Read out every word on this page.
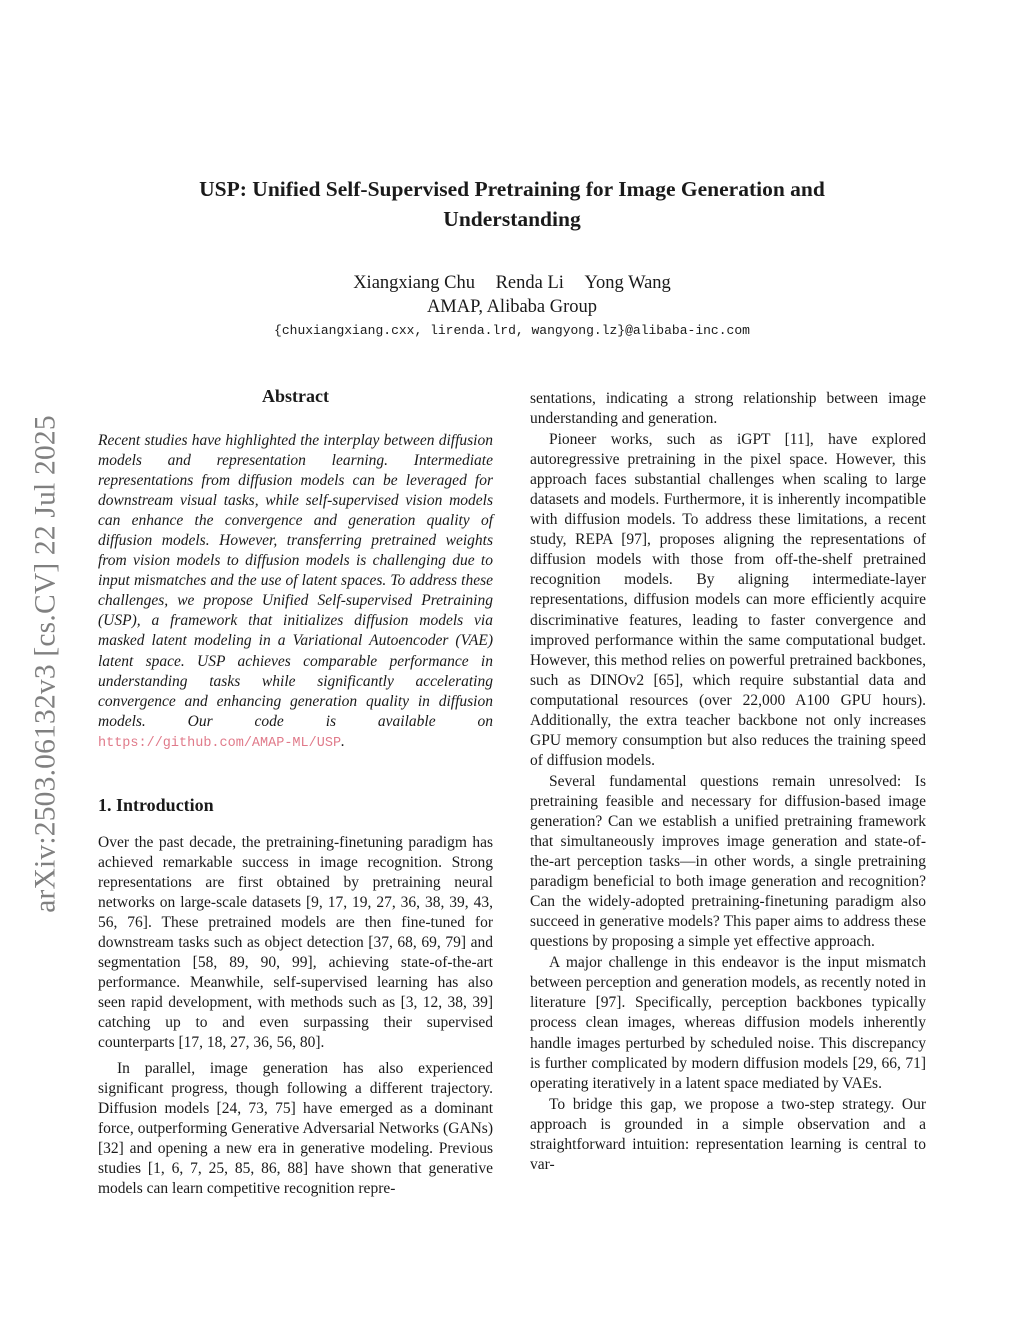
arXiv:2503.06132v3 [cs.CV] 22 Jul 2025
USP: Unified Self-Supervised Pretraining for Image Generation and Understanding
Xiangxiang Chu Renda Li Yong Wang
AMAP, Alibaba Group
{chuxiangxiang.cxx, lirenda.lrd, wangyong.lz}@alibaba-inc.com
Abstract
Recent studies have highlighted the interplay between diffusion models and representation learning. Intermediate representations from diffusion models can be leveraged for downstream visual tasks, while self-supervised vision models can enhance the convergence and generation quality of diffusion models. However, transferring pretrained weights from vision models to diffusion models is challenging due to input mismatches and the use of latent spaces. To address these challenges, we propose Unified Self-supervised Pretraining (USP), a framework that initializes diffusion models via masked latent modeling in a Variational Autoencoder (VAE) latent space. USP achieves comparable performance in understanding tasks while significantly accelerating convergence and enhancing generation quality in diffusion models. Our code is available on https://github.com/AMAP-ML/USP.
1. Introduction

Over the past decade, the pretraining-finetuning paradigm has achieved remarkable success in image recognition. Strong representations are first obtained by pretraining neural networks on large-scale datasets [9, 17, 19, 27, 36, 38, 39, 43, 56, 76]. These pretrained models are then fine-tuned for downstream tasks such as object detection [37, 68, 69, 79] and segmentation [58, 89, 90, 99], achieving state-of-the-art performance. Meanwhile, self-supervised learning has also seen rapid development, with methods such as [3, 12, 38, 39] catching up to and even surpassing their supervised counterparts [17, 18, 27, 36, 56, 80].

In parallel, image generation has also experienced significant progress, though following a different trajectory. Diffusion models [24, 73, 75] have emerged as a dominant force, outperforming Generative Adversarial Networks (GANs) [32] and opening a new era in generative modeling. Previous studies [1, 6, 7, 25, 85, 86, 88] have shown that generative models can learn competitive recognition repre-

sentations, indicating a strong relationship between image understanding and generation.

Pioneer works, such as iGPT [11], have explored autoregressive pretraining in the pixel space. However, this approach faces substantial challenges when scaling to large datasets and models. Furthermore, it is inherently incompatible with diffusion models. To address these limitations, a recent study, REPA [97], proposes aligning the representations of diffusion models with those from off-the-shelf pretrained recognition models. By aligning intermediate-layer representations, diffusion models can more efficiently acquire discriminative features, leading to faster convergence and improved performance within the same computational budget. However, this method relies on powerful pretrained backbones, such as DINOv2 [65], which require substantial data and computational resources (over 22,000 A100 GPU hours). Additionally, the extra teacher backbone not only increases GPU memory consumption but also reduces the training speed of diffusion models.

Several fundamental questions remain unresolved: Is pretraining feasible and necessary for diffusion-based image generation? Can we establish a unified pretraining framework that simultaneously improves image generation and state-of-the-art perception tasks—in other words, a single pretraining paradigm beneficial to both image generation and recognition? Can the widely-adopted pretraining-finetuning paradigm also succeed in generative models? This paper aims to address these questions by proposing a simple yet effective approach.

A major challenge in this endeavor is the input mismatch between perception and generation models, as recently noted in literature [97]. Specifically, perception backbones typically process clean images, whereas diffusion models inherently handle images perturbed by scheduled noise. This discrepancy is further complicated by modern diffusion models [29, 66, 71] operating iteratively in a latent space mediated by VAEs.

To bridge this gap, we propose a two-step strategy. Our approach is grounded in a simple observation and a straightforward intuition: representation learning is central to var-
